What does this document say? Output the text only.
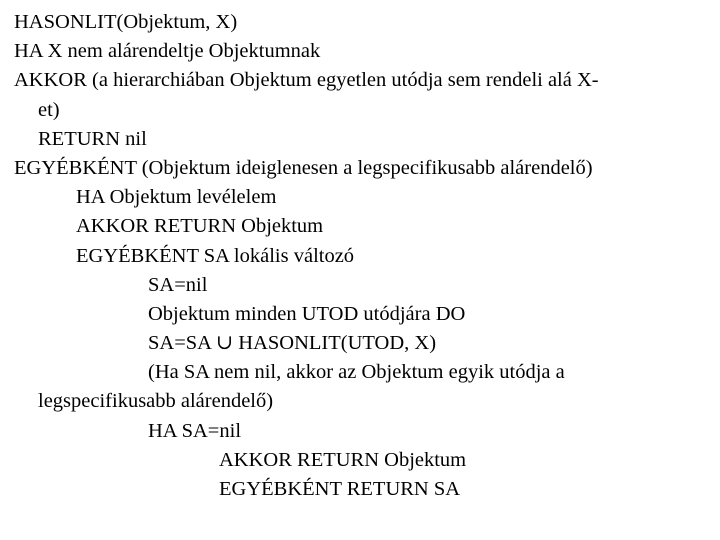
HASONLIT(Objektum, X)
HA X nem alárendeltje Objektumnak
AKKOR (a hierarchiában Objektum egyetlen utódja sem rendeli alá X-
et)
RETURN nil
EGYÉBKÉNT (Objektum ideiglenesen a legspecifikusabb alárendelő)
HA Objektum levélelem
AKKOR RETURN Objektum
EGYÉBKÉNT SA lokális változó
SA=nil
Objektum minden UTOD utódjára DO
SA=SA ∪ HASONLIT(UTOD, X)
(Ha SA nem nil, akkor az Objektum egyik utódja a
legspecifikusabb alárendelő)
HA SA=nil
AKKOR RETURN Objektum
EGYÉBKÉNT RETURN SA
